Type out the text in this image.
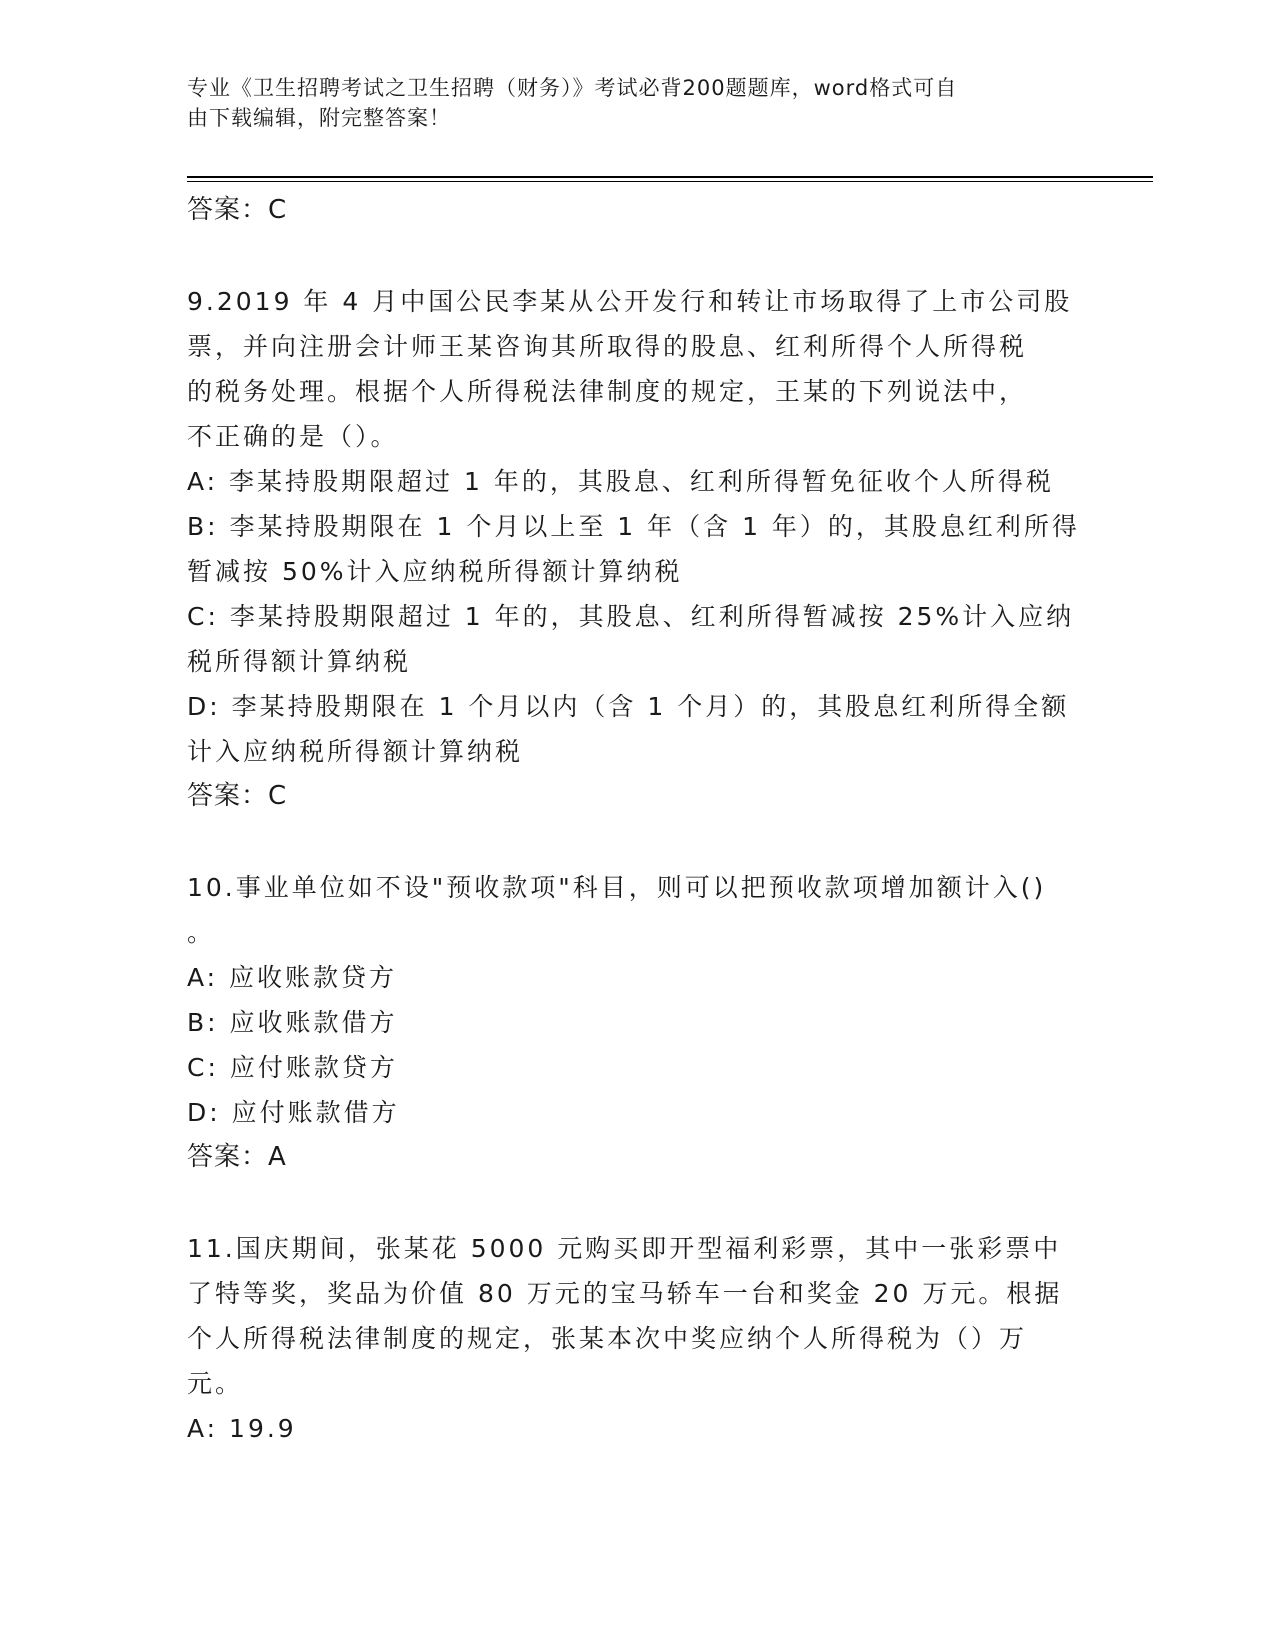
专业《卫生招聘考试之卫生招聘（财务）》考试必背200题题库，word格式可自
由下载编辑，附完整答案！
答案：C
9.2019 年 4 月中国公民李某从公开发行和转让市场取得了上市公司股
票，并向注册会计师王某咨询其所取得的股息、红利所得个人所得税
的税务处理。根据个人所得税法律制度的规定，王某的下列说法中，
不正确的是（）。
A: 李某持股期限超过 1 年的，其股息、红利所得暂免征收个人所得税
B: 李某持股期限在 1 个月以上至 1 年（含 1 年）的，其股息红利所得
暂减按 50%计入应纳税所得额计算纳税
C: 李某持股期限超过 1 年的，其股息、红利所得暂减按 25%计入应纳
税所得额计算纳税
D: 李某持股期限在 1 个月以内（含 1 个月）的，其股息红利所得全额
计入应纳税所得额计算纳税
答案：C
10.事业单位如不设"预收款项"科目，则可以把预收款项增加额计入()
。
A: 应收账款贷方
B: 应收账款借方
C: 应付账款贷方
D: 应付账款借方
答案：A
11.国庆期间，张某花 5000 元购买即开型福利彩票，其中一张彩票中
了特等奖，奖品为价值 80 万元的宝马轿车一台和奖金 20 万元。根据
个人所得税法律制度的规定，张某本次中奖应纳个人所得税为（）万
元。
A: 19.9
